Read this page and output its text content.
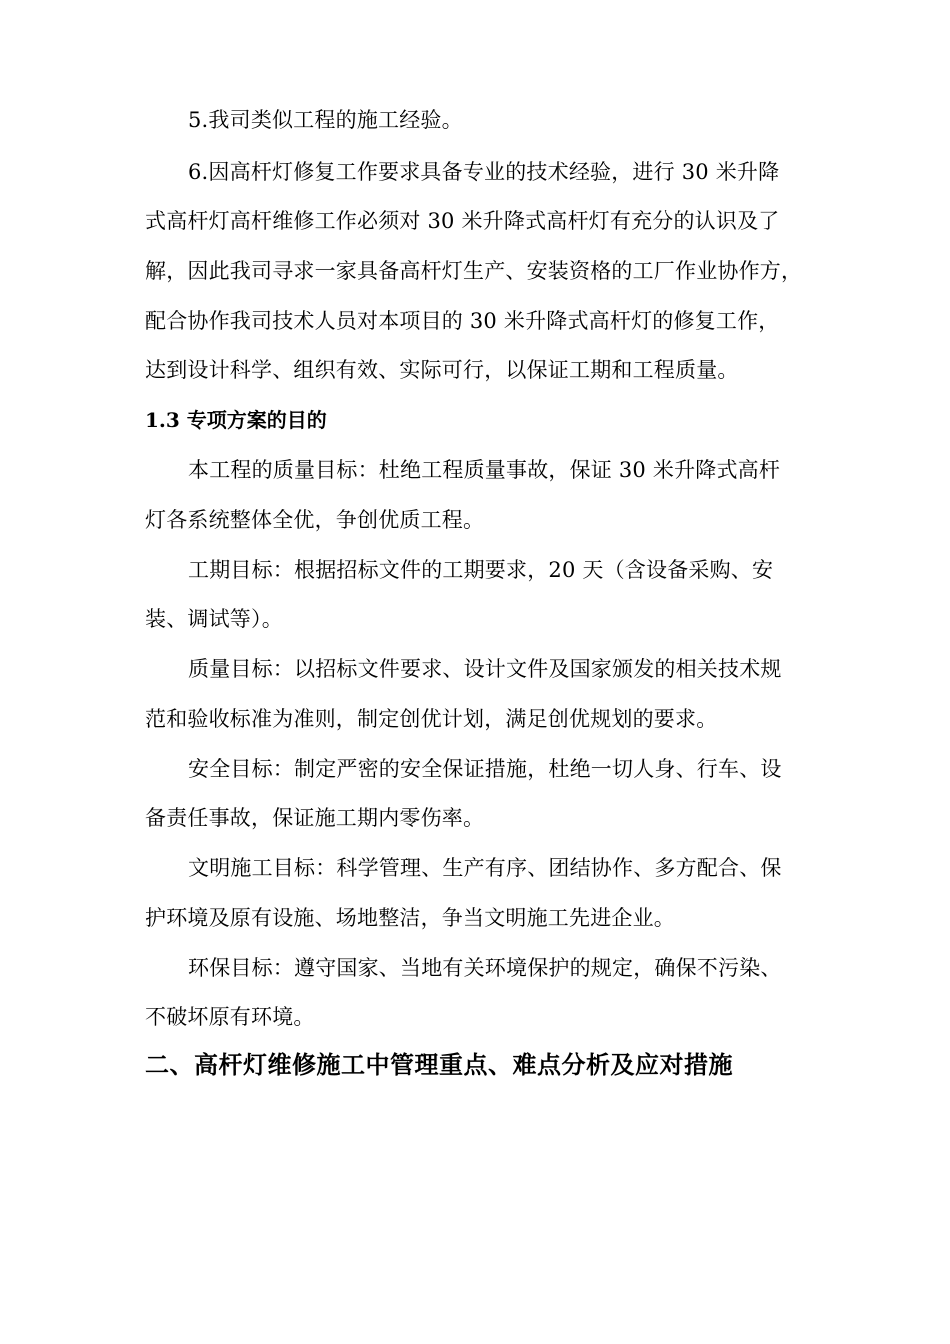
5.我司类似工程的施工经验。
6.因高杆灯修复工作要求具备专业的技术经验，进行 30 米升降
式高杆灯高杆维修工作必须对 30 米升降式高杆灯有充分的认识及了
解，因此我司寻求一家具备高杆灯生产、安装资格的工厂作业协作方，
配合协作我司技术人员对本项目的 30 米升降式高杆灯的修复工作，
达到设计科学、组织有效、实际可行，以保证工期和工程质量。
1.3 专项方案的目的
本工程的质量目标：杜绝工程质量事故，保证 30 米升降式高杆
灯各系统整体全优，争创优质工程。
工期目标：根据招标文件的工期要求，20 天（含设备采购、安
装、调试等）。
质量目标：以招标文件要求、设计文件及国家颁发的相关技术规
范和验收标准为准则，制定创优计划，满足创优规划的要求。
安全目标：制定严密的安全保证措施，杜绝一切人身、行车、设
备责任事故，保证施工期内零伤率。
文明施工目标：科学管理、生产有序、团结协作、多方配合、保
护环境及原有设施、场地整洁，争当文明施工先进企业。
环保目标：遵守国家、当地有关环境保护的规定，确保不污染、
不破坏原有环境。
二、高杆灯维修施工中管理重点、难点分析及应对措施
